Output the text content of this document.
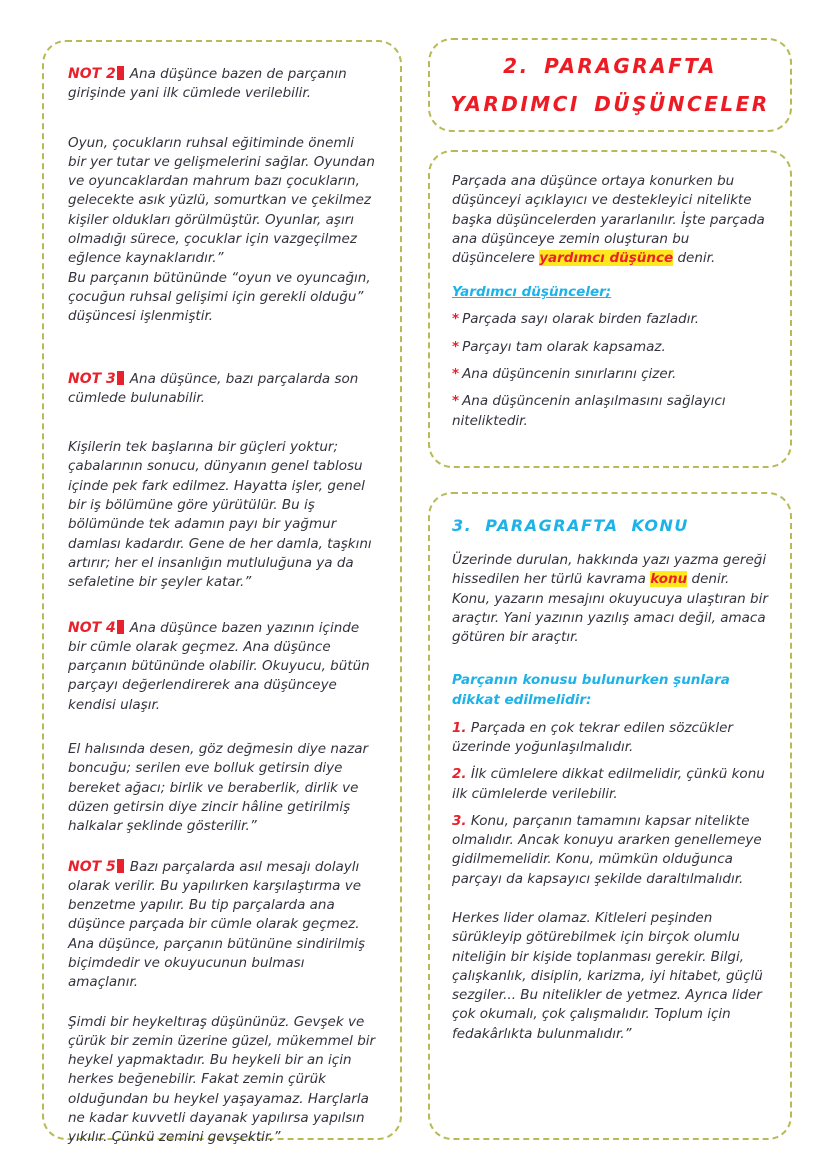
NOT 2 Ana düşünce bazen de parçanın girişinde yani ilk cümlede verilebilir.

Oyun, çocukların ruhsal eğitiminde önemli bir yer tutar ve gelişmelerini sağlar. Oyundan ve oyuncaklardan mahrum bazı çocukların, gelecekte asık yüzlü, somurtkan ve çekilmez kişiler oldukları görülmüştür. Oyunlar, aşırı olmadığı sürece, çocuklar için vazgeçilmez eğlence kaynaklarıdır.”

Bu parçanın bütününde “oyun ve oyuncağın, çocuğun ruhsal gelişimi için gerekli olduğu” düşüncesi işlenmiştir.

NOT 3 Ana düşünce, bazı parçalarda son cümlede bulunabilir.

Kişilerin tek başlarına bir güçleri yoktur; çabalarının sonucu, dünyanın genel tablosu içinde pek fark edilmez. Hayatta işler, genel bir iş bölümüne göre yürütülür. Bu iş bölümünde tek adamın payı bir yağmur damlası kadardır. Gene de her damla, taşkını artırır; her el insanlığın mutluluğuna ya da sefaletine bir şeyler katar.”

NOT 4 Ana düşünce bazen yazının içinde bir cümle olarak geçmez. Ana düşünce parçanın bütününde olabilir. Okuyucu, bütün parçayı değerlendirerek ana düşünceye kendisi ulaşır.

El halısında desen, göz değmesin diye nazar boncuğu; serilen eve bolluk getirsin diye bereket ağacı; birlik ve beraberlik, dirlik ve düzen getirsin diye zincir hâline getirilmiş halkalar şeklinde gösterilir.”

NOT 5 Bazı parçalarda asıl mesajı dolaylı olarak verilir. Bu yapılırken karşılaştırma ve benzetme yapılır. Bu tip parçalarda ana düşünce parçada bir cümle olarak geçmez. Ana düşünce, parçanın bütününe sindirilmiş biçimdedir ve okuyucunun bulması amaçlanır.

Şimdi bir heykeltıraş düşününüz. Gevşek ve çürük bir zemin üzerine güzel, mükemmel bir heykel yapmaktadır. Bu heykeli bir an için herkes beğenebilir. Fakat zemin çürük olduğundan bu heykel yaşayamaz. Harçlarla ne kadar kuvvetli dayanak yapılırsa yapılsın yıkılır. Çünkü zemini gevşektir.”

2. PARAGRAFTA YARDIMCI DÜŞÜNCELER

Parçada ana düşünce ortaya konurken bu düşünceyi açıklayıcı ve destekleyici nitelikte başka düşüncelerden yararlanılır. İşte parçada ana düşünceye zemin oluşturan bu düşüncelere yardımcı düşünce denir.

Yardımcı düşünceler;

* Parçada sayı olarak birden fazladır.

* Parçayı tam olarak kapsamaz.

* Ana düşüncenin sınırlarını çizer.

* Ana düşüncenin anlaşılmasını sağlayıcı niteliktedir.

3. PARAGRAFTA KONU

Üzerinde durulan, hakkında yazı yazma gereği hissedilen her türlü kavrama konu denir. Konu, yazarın mesajını okuyucuya ulaştıran bir araçtır. Yani yazının yazılış amacı değil, amaca götüren bir araçtır.

Parçanın konusu bulunurken şunlara dikkat edilmelidir:

1. Parçada en çok tekrar edilen sözcükler üzerinde yoğunlaşılmalıdır.

2. İlk cümlelere dikkat edilmelidir, çünkü konu ilk cümlelerde verilebilir.

3. Konu, parçanın tamamını kapsar nitelikte olmalıdır. Ancak konuyu ararken genellemeye gidilmemelidir. Konu, mümkün olduğunca parçayı da kapsayıcı şekilde daraltılmalıdır.

Herkes lider olamaz. Kitleleri peşinden sürükleyip götürebilmek için birçok olumlu niteliğin bir kişide toplanması gerekir. Bilgi, çalışkanlık, disiplin, karizma, iyi hitabet, güçlü sezgiler... Bu nitelikler de yetmez. Ayrıca lider çok okumalı, çok çalışmalıdır. Toplum için fedakârlıkta bulunmalıdır.”
